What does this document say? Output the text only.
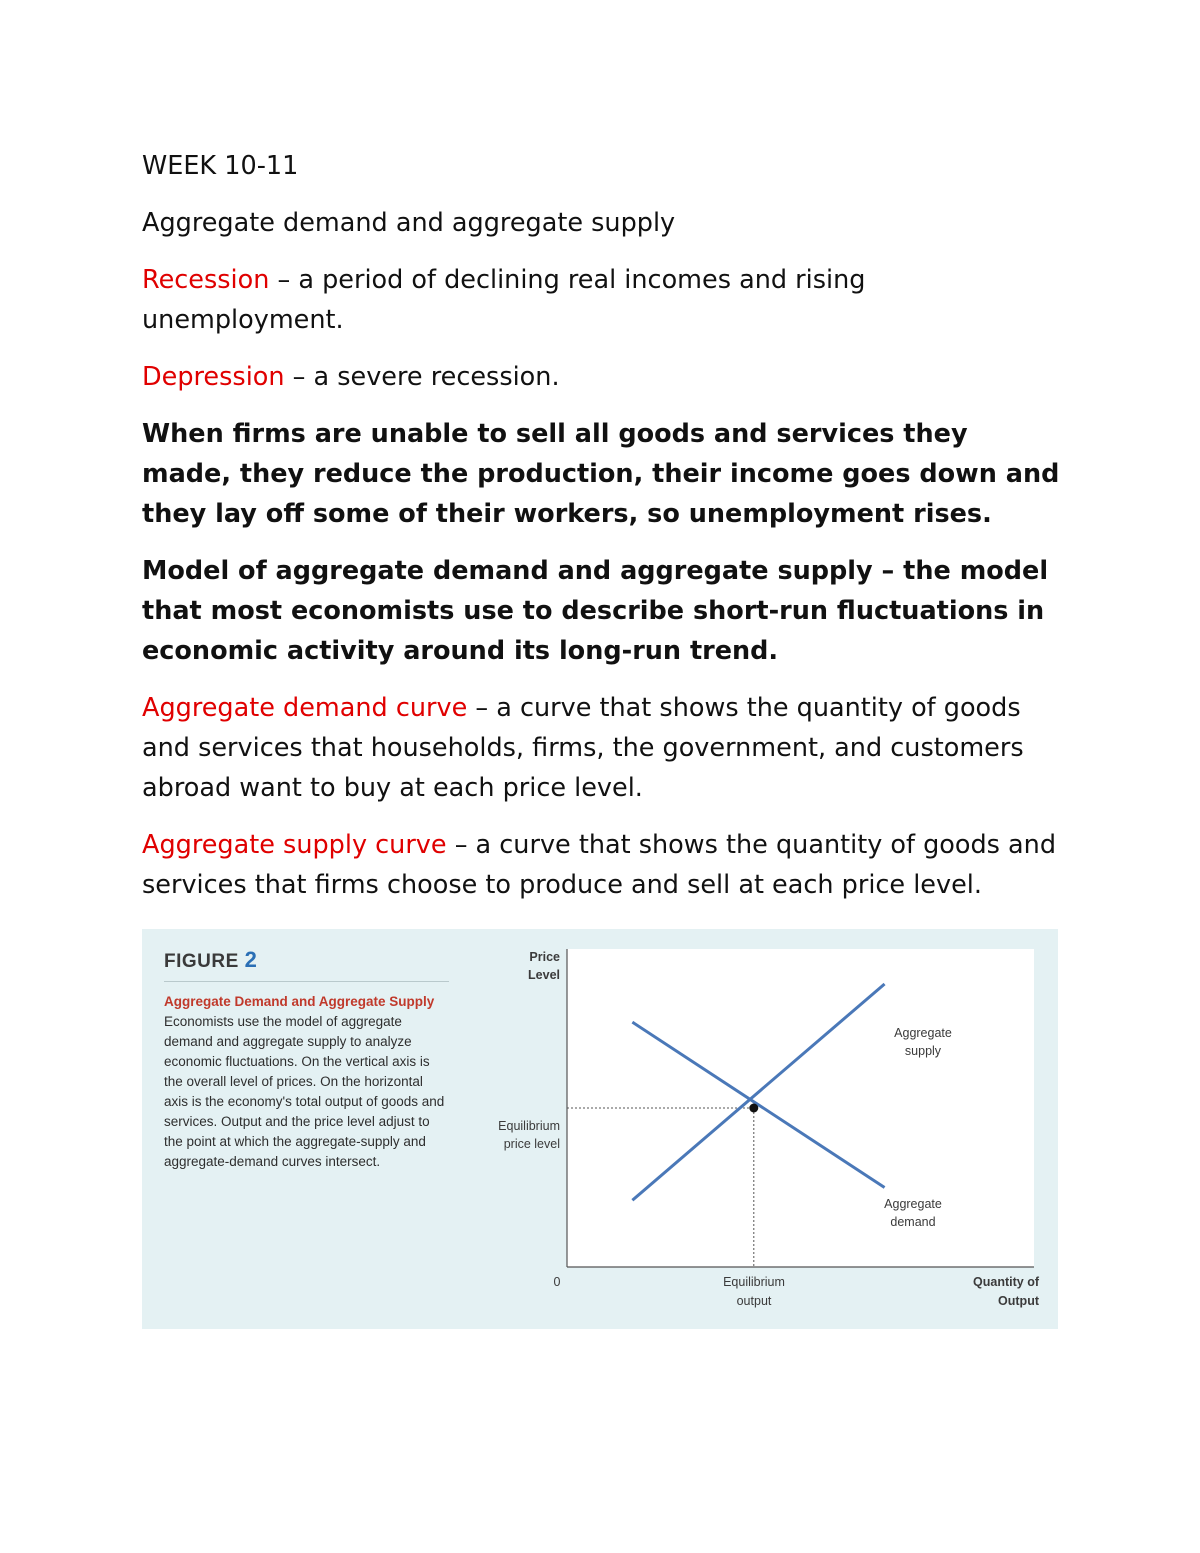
WEEK 10-11

Aggregate demand and aggregate supply

Recession – a period of declining real incomes and rising unemployment.

Depression – a severe recession.

When firms are unable to sell all goods and services they made, they reduce the production, their income goes down and they lay off some of their workers, so unemployment rises.

Model of aggregate demand and aggregate supply – the model that most economists use to describe short-run fluctuations in economic activity around its long-run trend.

Aggregate demand curve – a curve that shows the quantity of goods and services that households, firms, the government, and customers abroad want to buy at each price level.

Aggregate supply curve – a curve that shows the quantity of goods and services that firms choose to produce and sell at each price level.

FIGURE 2
Aggregate Demand and Aggregate Supply
Economists use the model of aggregate demand and aggregate supply to analyze economic fluctuations. On the vertical axis is the overall level of prices. On the horizontal axis is the economy's total output of goods and services. Output and the price level adjust to the point at which the aggregate-supply and aggregate-demand curves intersect.
Price
Level
Equilibrium
price level
0	Equilibrium
output
Quantity of
Output
Aggregate
supply
Aggregate
demand
